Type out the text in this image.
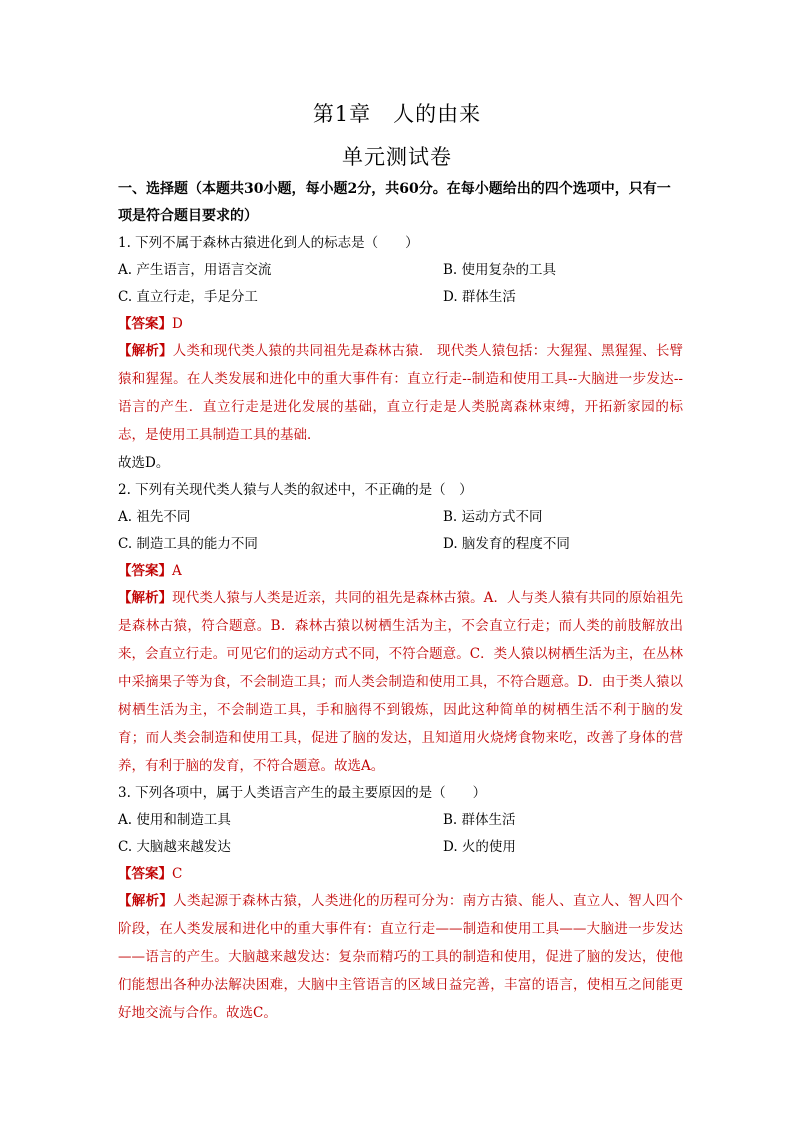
第1章　人的由来
单元测试卷
一、选择题（本题共30小题，每小题2分，共60分。在每小题给出的四个选项中，只有一项是符合题目要求的）
1. 下列不属于森林古猿进化到人的标志是（　　）
A. 产生语言，用语言交流	B. 使用复杂的工具
C. 直立行走，手足分工	D. 群体生活
【答案】D
【解析】人类和现代类人猿的共同祖先是森林古猿． 现代类人猿包括：大猩猩、黑猩猩、长臂猿和猩猩。在人类发展和进化中的重大事件有：直立行走--制造和使用工具--大脑进一步发达--语言的产生．直立行走是进化发展的基础，直立行走是人类脱离森林束缚，开拓新家园的标志，是使用工具制造工具的基础．
故选D。
2. 下列有关现代类人猿与人类的叙述中，不正确的是（　）
A. 祖先不同	B. 运动方式不同
C. 制造工具的能力不同	D. 脑发育的程度不同
【答案】A
【解析】现代类人猿与人类是近亲，共同的祖先是森林古猿。A．人与类人猿有共同的原始祖先是森林古猿，符合题意。B．森林古猿以树栖生活为主，不会直立行走；而人类的前肢解放出来，会直立行走。可见它们的运动方式不同，不符合题意。C．类人猿以树栖生活为主，在丛林中采摘果子等为食，不会制造工具；而人类会制造和使用工具，不符合题意。D．由于类人猿以树栖生活为主，不会制造工具，手和脑得不到锻炼，因此这种简单的树栖生活不利于脑的发育；而人类会制造和使用工具，促进了脑的发达，且知道用火烧烤食物来吃，改善了身体的营养，有利于脑的发育，不符合题意。故选A。
3. 下列各项中，属于人类语言产生的最主要原因的是（　　）
A. 使用和制造工具	B. 群体生活
C. 大脑越来越发达	D. 火的使用
【答案】C
【解析】人类起源于森林古猿，人类进化的历程可分为：南方古猿、能人、直立人、智人四个阶段，在人类发展和进化中的重大事件有：直立行走——制造和使用工具——大脑进一步发达——语言的产生。大脑越来越发达：复杂而精巧的工具的制造和使用，促进了脑的发达，使他们能想出各种办法解决困难，大脑中主管语言的区域日益完善，丰富的语言，使相互之间能更好地交流与合作。故选C。
